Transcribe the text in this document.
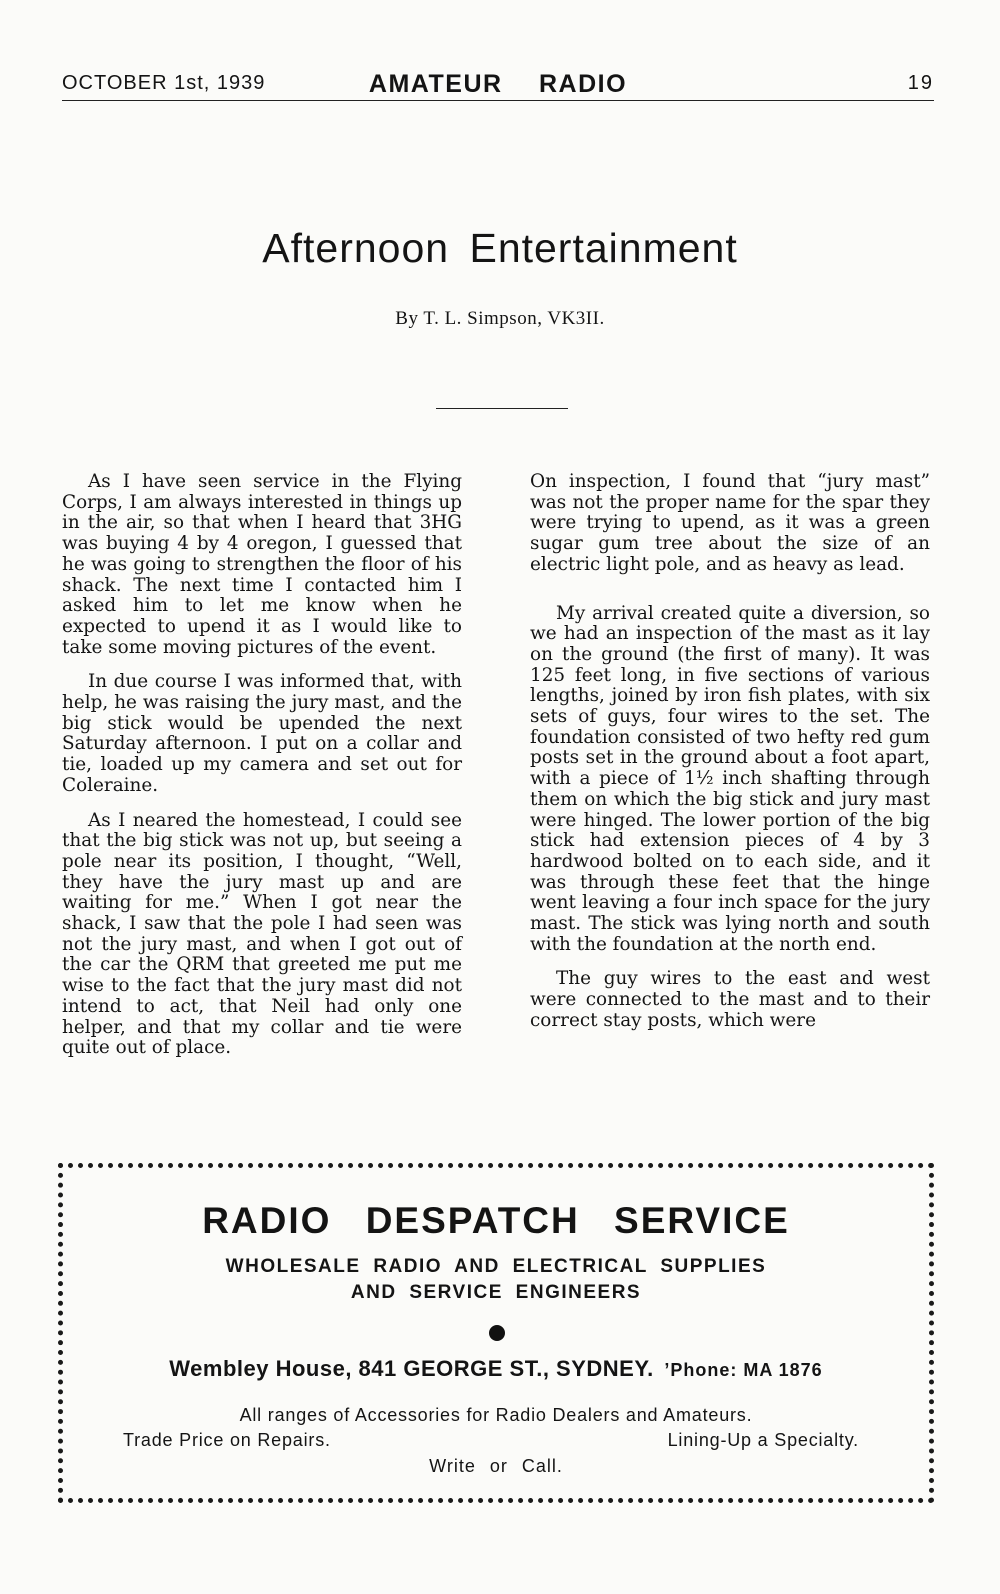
OCTOBER 1st, 1939	AMATEUR RADIO	19
Afternoon Entertainment
By T. L. Simpson, VK3II.

As I have seen service in the Flying Corps, I am always interested in things up in the air, so that when I heard that 3HG was buying 4 by 4 oregon, I guessed that he was going to strengthen the floor of his shack. The next time I contacted him I asked him to let me know when he expected to upend it as I would like to take some moving pictures of the event.

In due course I was informed that, with help, he was raising the jury mast, and the big stick would be upended the next Saturday afternoon. I put on a collar and tie, loaded up my camera and set out for Coleraine.

As I neared the homestead, I could see that the big stick was not up, but seeing a pole near its position, I thought, “Well, they have the jury mast up and are waiting for me.” When I got near the shack, I saw that the pole I had seen was not the jury mast, and when I got out of the car the QRM that greeted me put me wise to the fact that the jury mast did not intend to act, that Neil had only one helper, and that my collar and tie were quite out of place.

On inspection, I found that “jury mast” was not the proper name for the spar they were trying to upend, as it was a green sugar gum tree about the size of an electric light pole, and as heavy as lead.

My arrival created quite a diversion, so we had an inspection of the mast as it lay on the ground (the first of many). It was 125 feet long, in five sections of various lengths, joined by iron fish plates, with six sets of guys, four wires to the set. The foundation consisted of two hefty red gum posts set in the ground about a foot apart, with a piece of 1½ inch shafting through them on which the big stick and jury mast were hinged. The lower portion of the big stick had extension pieces of 4 by 3 hardwood bolted on to each side, and it was through these feet that the hinge went leaving a four inch space for the jury mast. The stick was lying north and south with the foundation at the north end.

The guy wires to the east and west were connected to the mast and to their correct stay posts, which were

RADIO DESPATCH SERVICE
WHOLESALE RADIO AND ELECTRICAL SUPPLIES
AND SERVICE ENGINEERS
Wembley House, 841 GEORGE ST., SYDNEY. ’Phone: MA 1876
All ranges of Accessories for Radio Dealers and Amateurs.
Trade Price on Repairs.	Lining-Up a Specialty.
Write or Call.
